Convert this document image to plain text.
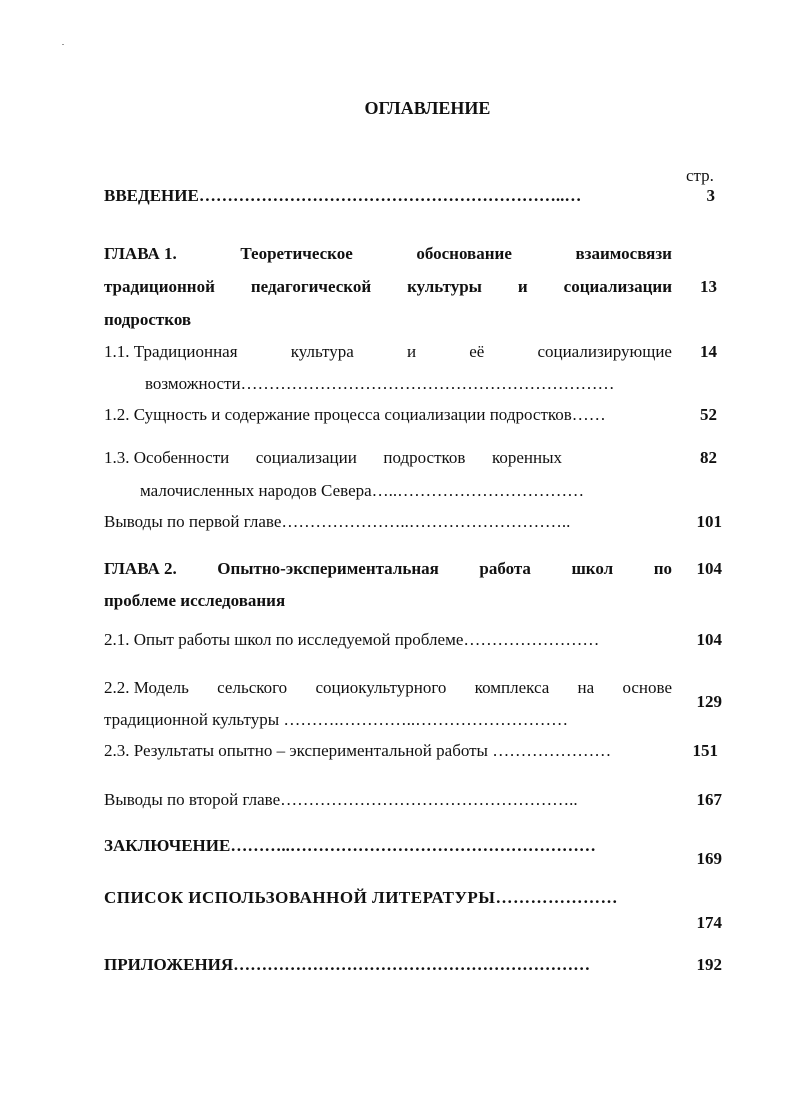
ОГЛАВЛЕНИЕ
стр.
ВВЕДЕНИЕ………………………………………………………..…	3
ГЛАВА 1.	Теоретическое	обоснование	взаимосвязи
традиционной педагогической культуры и социализации
подростков
13
1.1. Традиционная	культура	и	её	социализирующие
возможности…………………………………………………………
14
1.2. Сущность и содержание процесса социализации подростков……	52
1.3. Особенности социализации подростков коренных
малочисленных народов Севера…..……………………………
82
Выводы по первой главе…………………..………………………..	101
ГЛАВА 2. Опытно-экспериментальная работа школ по
проблеме исследования
104
2.1. Опыт работы школ по исследуемой проблеме……………………	104
2.2. Модель сельского социокультурного комплекса на основе
традиционной культуры ……….…………..………………………
129
2.3. Результаты опытно – экспериментальной работы …………………	151
Выводы по второй главе……………………………………………..	167
ЗАКЛЮЧЕНИЕ………..………………………………………………
169
СПИСОК ИСПОЛЬЗОВАННОЙ ЛИТЕРАТУРЫ…………………
174
ПРИЛОЖЕНИЯ………………………………………………………	192
